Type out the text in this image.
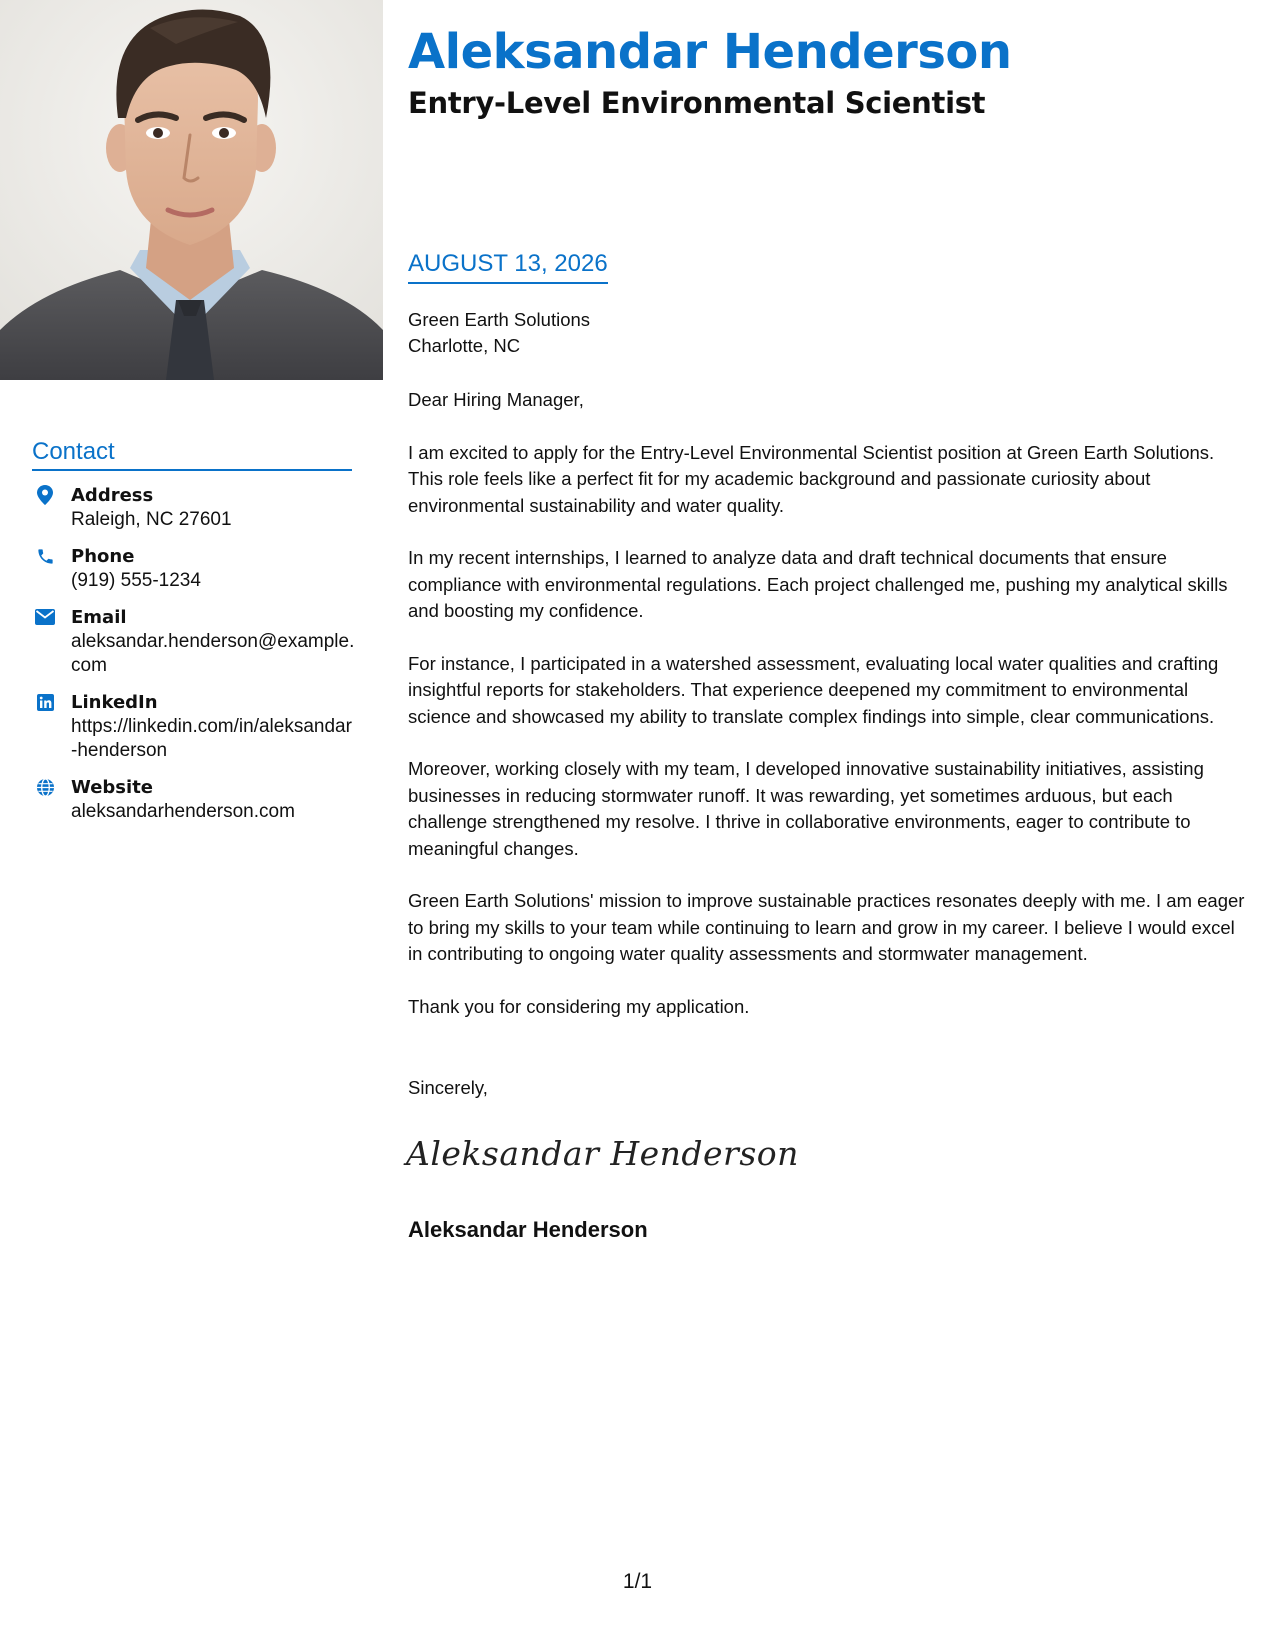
Aleksandar Henderson
Entry-Level Environmental Scientist
Contact
Address
Raleigh, NC 27601
Phone
(919) 555-1234
Email
aleksandar.henderson@example.com
LinkedIn
https://linkedin.com/in/aleksandar-henderson
Website
aleksandarhenderson.com
AUGUST 13, 2026
Green Earth Solutions
Charlotte, NC

Dear Hiring Manager,

I am excited to apply for the Entry-Level Environmental Scientist position at Green Earth Solutions. This role feels like a perfect fit for my academic background and passionate curiosity about environmental sustainability and water quality.

In my recent internships, I learned to analyze data and draft technical documents that ensure compliance with environmental regulations. Each project challenged me, pushing my analytical skills and boosting my confidence.

For instance, I participated in a watershed assessment, evaluating local water qualities and crafting insightful reports for stakeholders. That experience deepened my commitment to environmental science and showcased my ability to translate complex findings into simple, clear communications.

Moreover, working closely with my team, I developed innovative sustainability initiatives, assisting businesses in reducing stormwater runoff. It was rewarding, yet sometimes arduous, but each challenge strengthened my resolve. I thrive in collaborative environments, eager to contribute to meaningful changes.

Green Earth Solutions' mission to improve sustainable practices resonates deeply with me. I am eager to bring my skills to your team while continuing to learn and grow in my career. I believe I would excel in contributing to ongoing water quality assessments and stormwater management.

Thank you for considering my application.

Sincerely,
Aleksandar Henderson
Aleksandar Henderson
1/1
